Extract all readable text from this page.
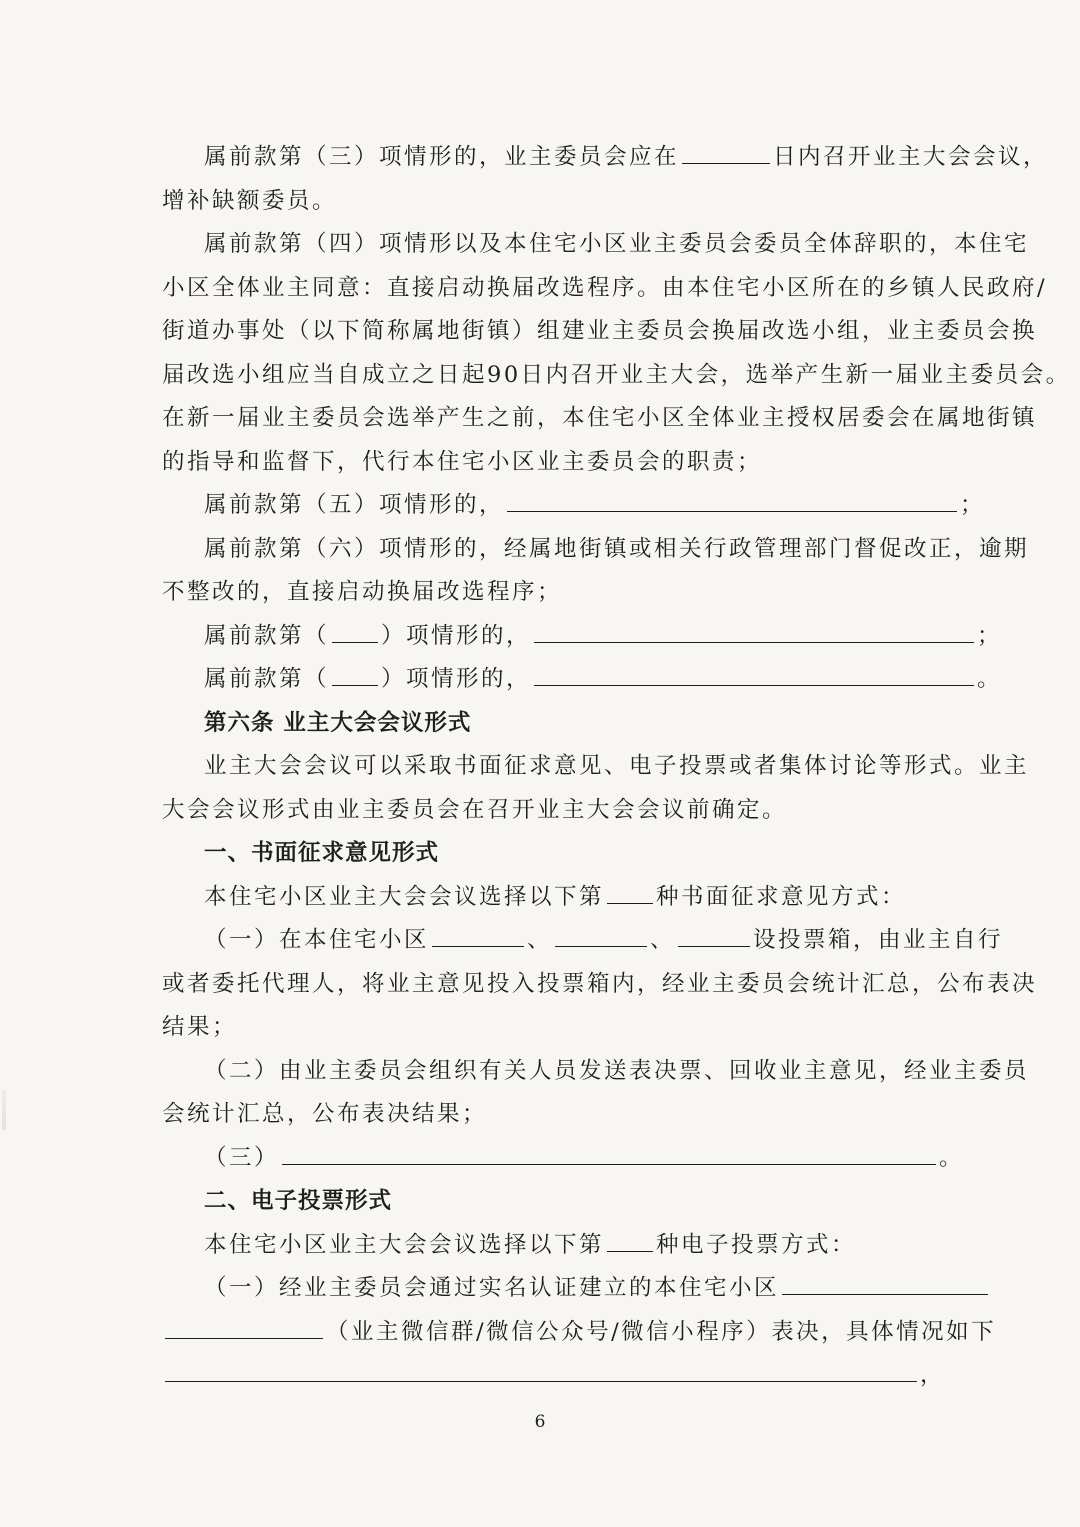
属前款第（三）项情形的，业主委员会应在	日内召开业主大会会议，
增补缺额委员。
属前款第（四）项情形以及本住宅小区业主委员会委员全体辞职的，本住宅
小区全体业主同意：直接启动换届改选程序。由本住宅小区所在的乡镇人民政府/
街道办事处（以下简称属地街镇）组建业主委员会换届改选小组，业主委员会换
届改选小组应当自成立之日起90日内召开业主大会，选举产生新一届业主委员会。
在新一届业主委员会选举产生之前，本住宅小区全体业主授权居委会在属地街镇
的指导和监督下，代行本住宅小区业主委员会的职责；
属前款第（五）项情形的，	；
属前款第（六）项情形的，经属地街镇或相关行政管理部门督促改正，逾期
不整改的，直接启动换届改选程序；
属前款第（ ）项情形的，	；
属前款第（ ）项情形的，	。
第六条 业主大会会议形式
业主大会会议可以采取书面征求意见、电子投票或者集体讨论等形式。业主
大会会议形式由业主委员会在召开业主大会会议前确定。
一、书面征求意见形式
本住宅小区业主大会会议选择以下第 种书面征求意见方式：
（一）在本住宅小区	、	、	设投票箱，由业主自行
或者委托代理人，将业主意见投入投票箱内，经业主委员会统计汇总，公布表决
结果；
（二）由业主委员会组织有关人员发送表决票、回收业主意见，经业主委员
会统计汇总，公布表决结果；
（三）	。
二、电子投票形式
本住宅小区业主大会会议选择以下第 种电子投票方式：
（一）经业主委员会通过实名认证建立的本住宅小区
（业主微信群/微信公众号/微信小程序）表决，具体情况如下
，
6
